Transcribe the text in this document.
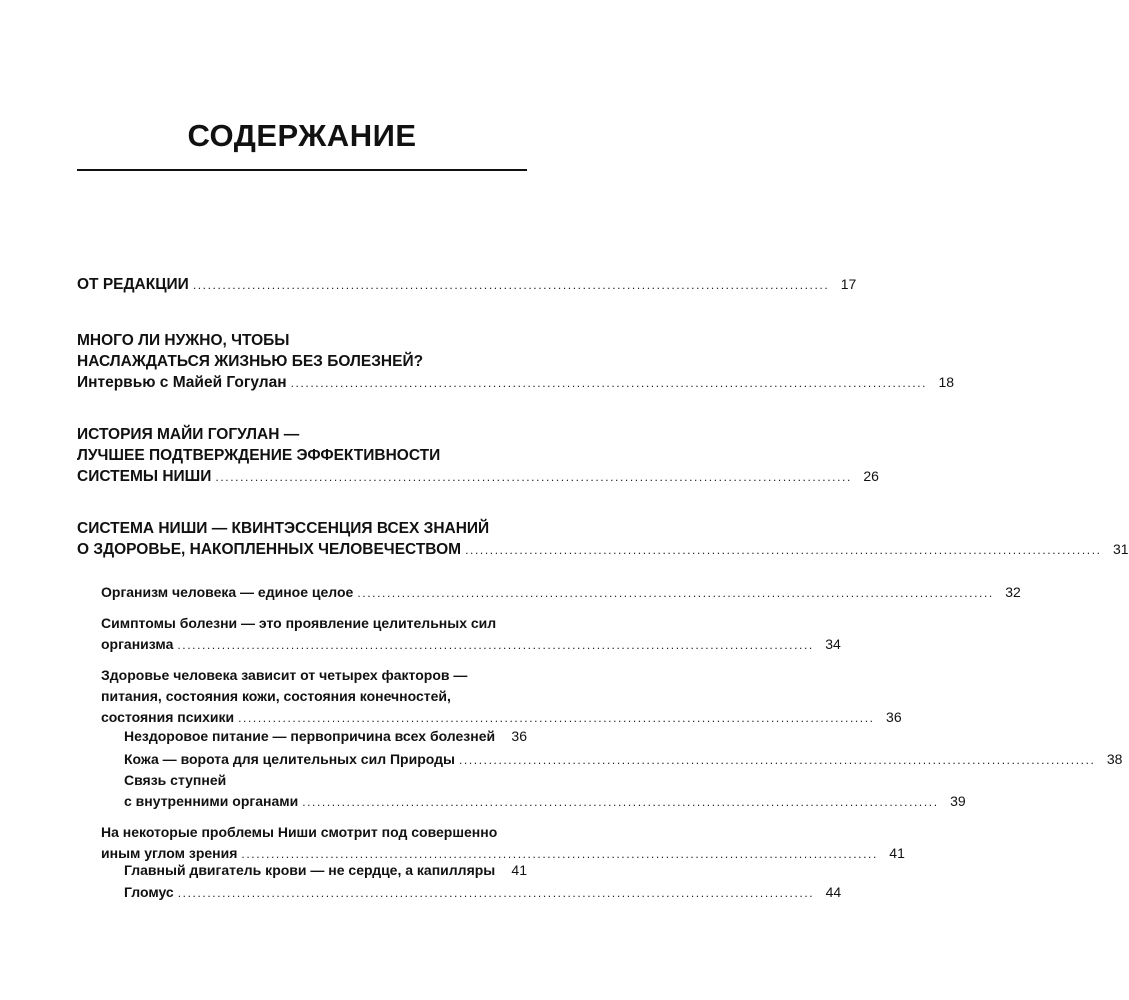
СОДЕРЖАНИЕ
ОТ РЕДАКЦИИ ................................................................................................................................. 17
МНОГО ЛИ НУЖНО, ЧТОБЫ
НАСЛАЖДАТЬСЯ ЖИЗНЬЮ БЕЗ БОЛЕЗНЕЙ?
Интервью с Майей Гогулан ................................................................................................................................. 18
ИСТОРИЯ МАЙИ ГОГУЛАН —
ЛУЧШЕЕ ПОДТВЕРЖДЕНИЕ ЭФФЕКТИВНОСТИ
СИСТЕМЫ НИШИ ................................................................................................................................. 26
СИСТЕМА НИШИ — КВИНТЭССЕНЦИЯ ВСЕХ ЗНАНИЙ
О ЗДОРОВЬЕ, НАКОПЛЕННЫХ ЧЕЛОВЕЧЕСТВОМ ................................................................................................................................. 31
Организм человека — единое целое ................................................................................................................................. 32
Симптомы болезни — это проявление целительных сил
организма ................................................................................................................................. 34
Здоровье человека зависит от четырех факторов —
питания, состояния кожи, состояния конечностей,
состояния психики ................................................................................................................................. 36
Нездоровое питание — первопричина всех болезней	36
Кожа — ворота для целительных сил Природы ................................................................................................................................. 38
Связь ступней
с внутренними органами ................................................................................................................................. 39
На некоторые проблемы Ниши смотрит под совершенно
иным углом зрения ................................................................................................................................. 41
Главный двигатель крови — не сердце, а капилляры	41
Гломус ................................................................................................................................. 44
